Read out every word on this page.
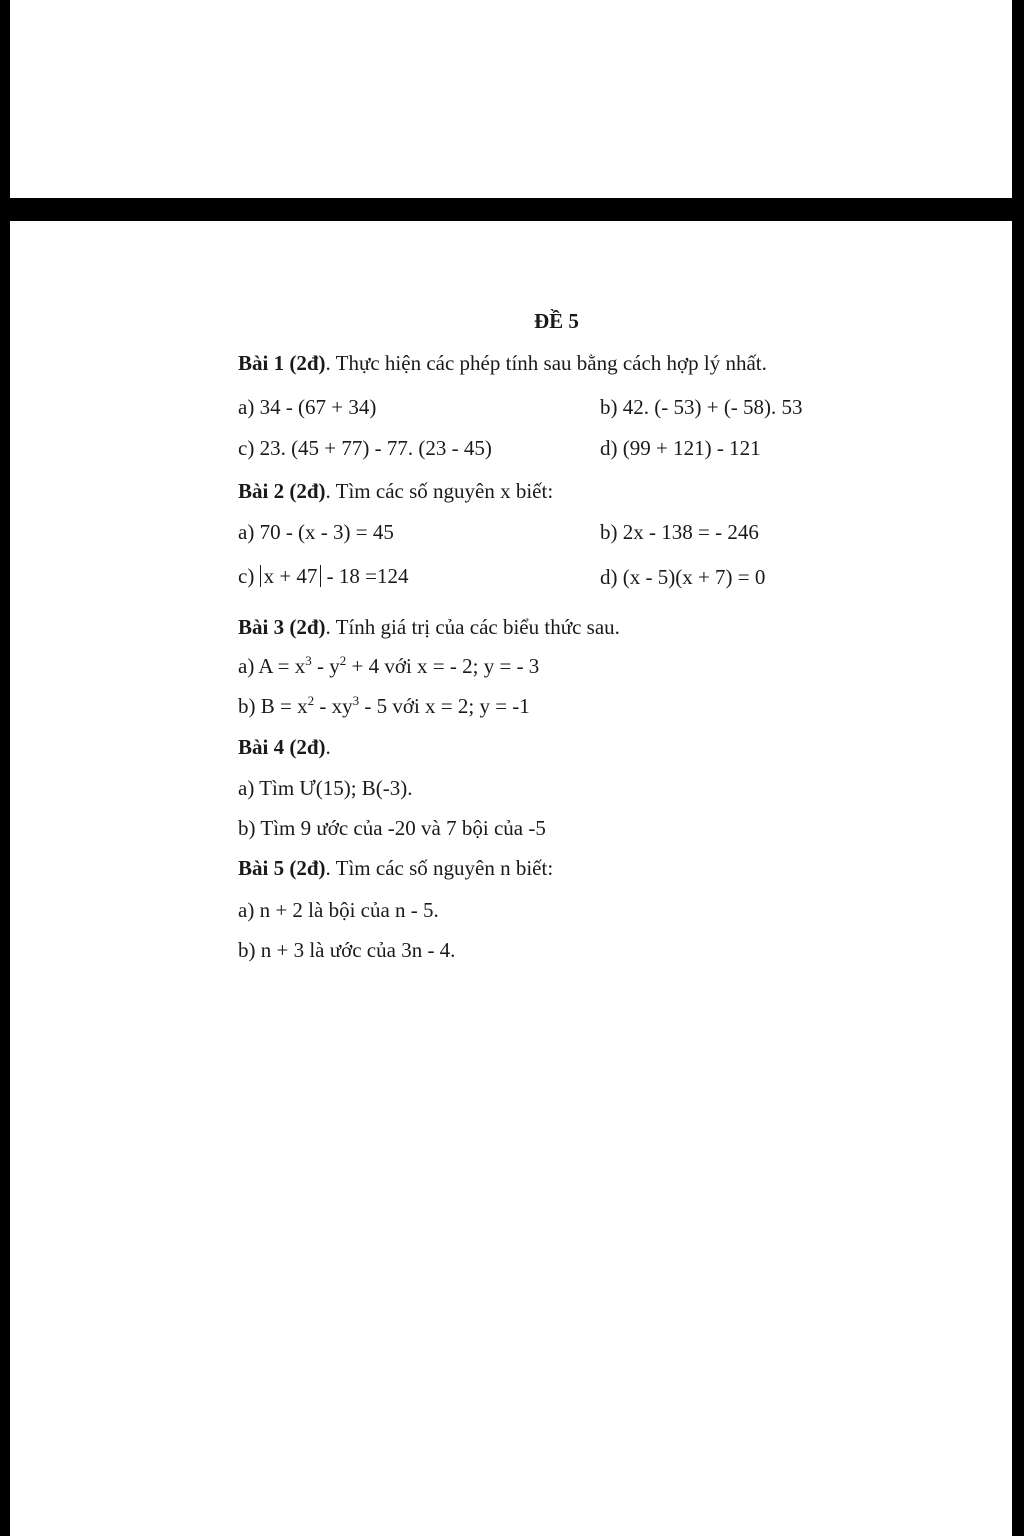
ĐỀ 5
Bài 1 (2đ). Thực hiện các phép tính sau bằng cách hợp lý nhất.
a) 34 - (67 + 34)	b) 42. (- 53) + (- 58). 53
c) 23. (45 + 77) - 77. (23 - 45)	d) (99 + 121) - 121
Bài 2 (2đ). Tìm các số nguyên x biết:
a) 70 - (x - 3) = 45	b) 2x - 138 = - 246
c) x + 47 - 18 =124	d) (x - 5)(x + 7) = 0
Bài 3 (2đ). Tính giá trị của các biểu thức sau.
a) $A = x^3 - y^2 + 4$ với x = - 2; y = - 3
b) $B = x^2 - xy^3 - 5$ với x = 2; y = -1
Bài 4 (2đ).
a) Tìm Ư(15); B(-3).
b) Tìm 9 ước của -20 và 7 bội của -5
Bài 5 (2đ). Tìm các số nguyên n biết:
a) n + 2 là bội của n - 5.
b) n + 3 là ước của 3n - 4.
